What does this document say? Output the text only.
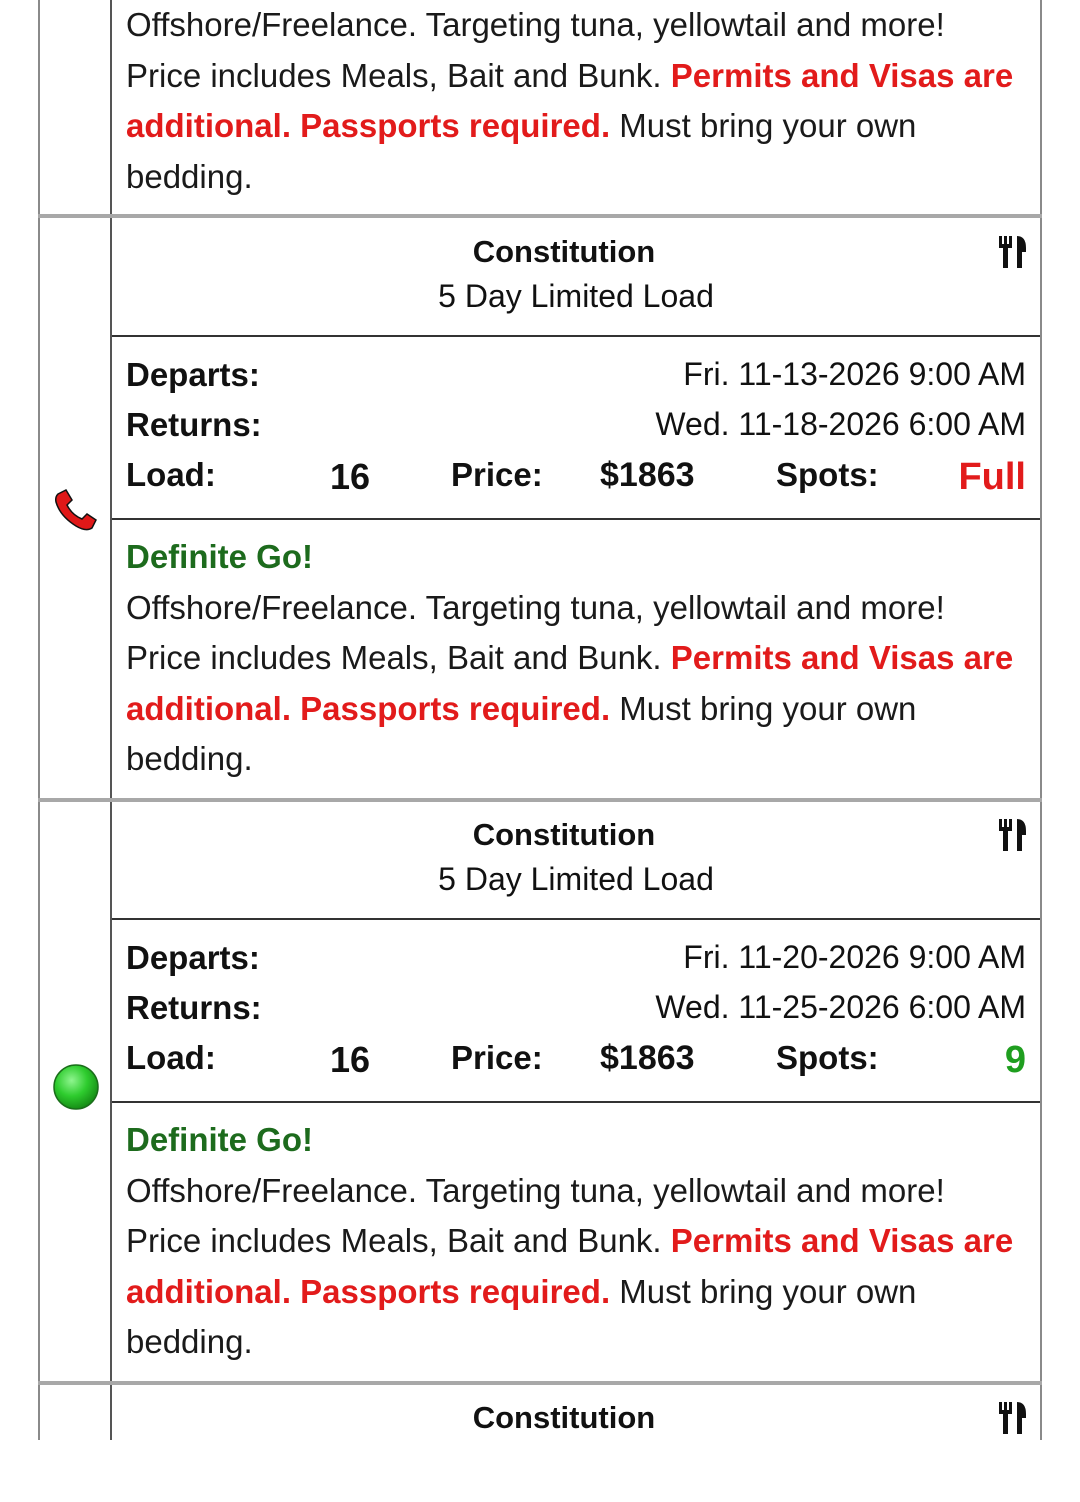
Offshore/Freelance. Targeting tuna, yellowtail and more! Price includes Meals, Bait and Bunk. Permits and Visas are additional. Passports required. Must bring your own bedding.
Constitution
5 Day Limited Load
Departs:	Fri. 11-13-2026 9:00 AM
Returns:	Wed. 11-18-2026 6:00 AM
Load:	16 Price: $1863 Spots: Full
Definite Go!
Offshore/Freelance. Targeting tuna, yellowtail and more! Price includes Meals, Bait and Bunk. Permits and Visas are additional. Passports required. Must bring your own bedding.
Constitution
5 Day Limited Load
Departs:	Fri. 11-20-2026 9:00 AM
Returns:	Wed. 11-25-2026 6:00 AM
Load:	16 Price: $1863 Spots:	9
Definite Go!
Offshore/Freelance. Targeting tuna, yellowtail and more! Price includes Meals, Bait and Bunk. Permits and Visas are additional. Passports required. Must bring your own bedding.
Constitution
